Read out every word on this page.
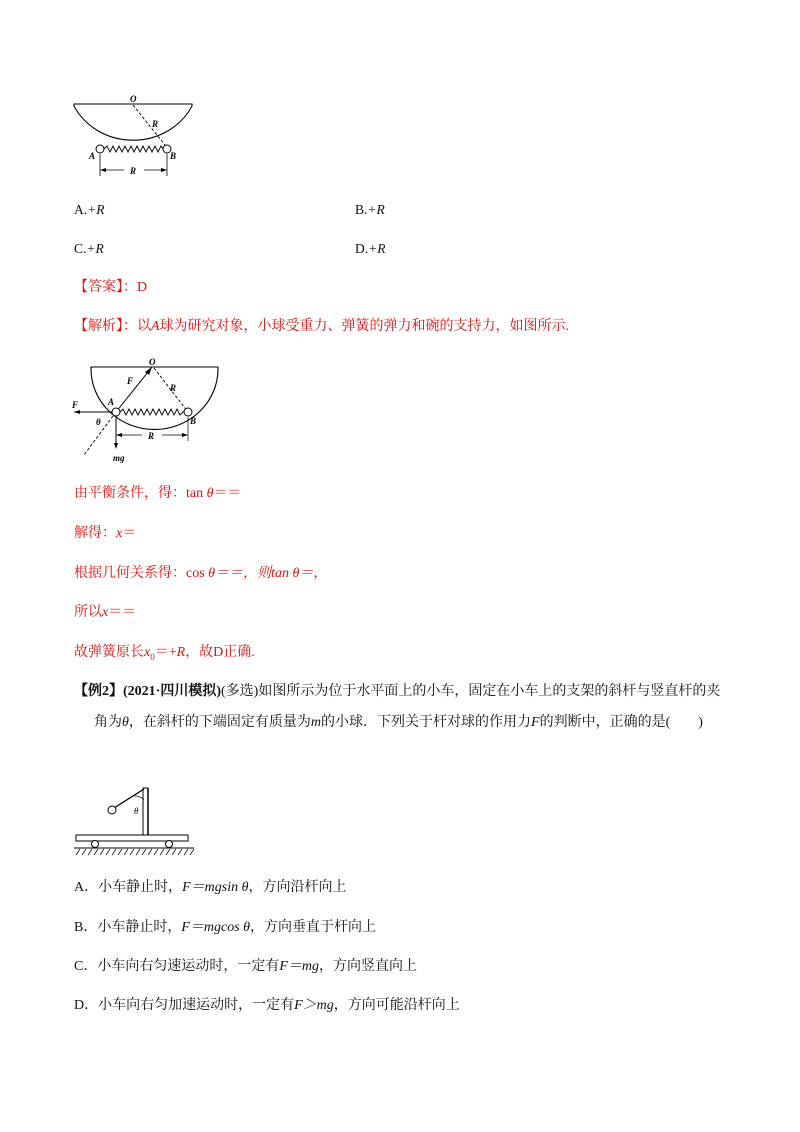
O
R
A	B
R
A.+R	B.+R
C.+R	D.+R
【答案】：D
【解析】：以A球为研究对象，小球受重力、弹簧的弹力和碗的支持力，如图所示.
O
F
R
F	A
B
θ
R
mg
由平衡条件，得：tan θ＝＝
解得：x＝
根据几何关系得：cos θ＝＝，则tan θ＝，
所以x＝＝
故弹簧原长$x_0=+R$，故D正确.
【例2】(2021·四川模拟)(多选)如图所示为位于水平面上的小车，固定在小车上的支架的斜杆与竖直杆的夹
角为θ，在斜杆的下端固定有质量为m的小球．下列关于杆对球的作用力F的判断中，正确的是(　　)
θ
A．小车静止时，F＝mgsin θ，方向沿杆向上
B．小车静止时，F＝mgcos θ，方向垂直于杆向上
C．小车向右匀速运动时，一定有F＝mg，方向竖直向上
D．小车向右匀加速运动时，一定有F＞mg，方向可能沿杆向上
